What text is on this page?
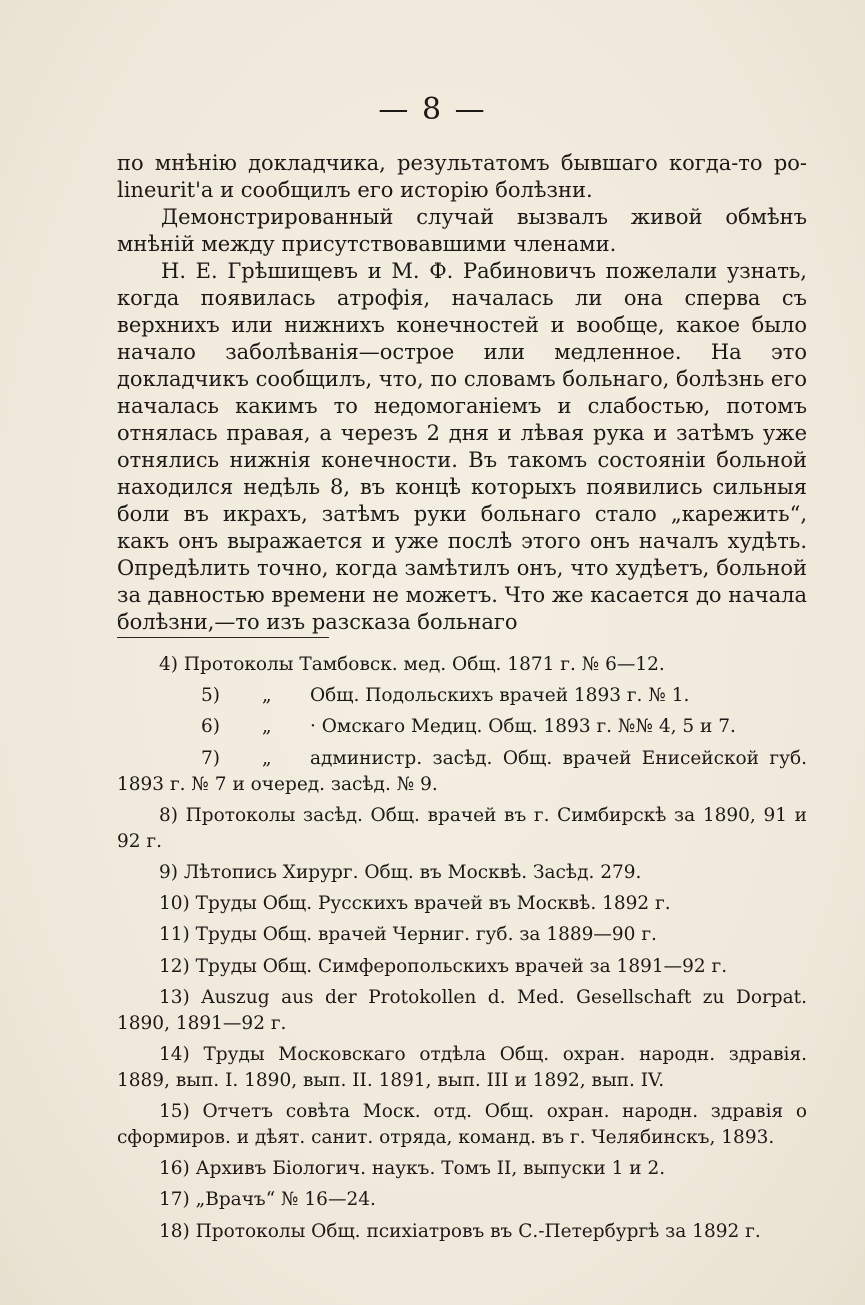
— 8 —

по мнѣнію докладчика, результатомъ бывшаго когда-то po-lineurit'а и сообщилъ его исторію болѣзни.

Демонстрированный случай вызвалъ живой обмѣнъ мнѣній между присутствовавшими членами.

Н. Е. Грѣшищевъ и М. Ф. Рабиновичъ пожелали узнать, когда появилась атрофія, началась ли она сперва съ верхнихъ или нижнихъ конечностей и вообще, какое было начало заболѣванія—острое или медленное. На это докладчикъ сообщилъ, что, по словамъ больнаго, болѣзнь его началась какимъ то недомоганіемъ и слабостью, потомъ отнялась правая, а черезъ 2 дня и лѣвая рука и затѣмъ уже отнялись нижнія конечности. Въ такомъ состояніи больной находился недѣль 8, въ концѣ которыхъ появились сильныя боли въ икрахъ, затѣмъ руки больнаго стало „карежить“, какъ онъ выражается и уже послѣ этого онъ началъ худѣть. Опредѣлить точно, когда замѣтилъ онъ, что худѣетъ, больной за давностью времени не можетъ. Что же касается до начала болѣзни,—то изъ разсказа больнаго

4) Протоколы Тамбовск. мед. Общ. 1871 г. № 6—12.

5) „ Общ. Подольскихъ врачей 1893 г. № 1.

6) „ · Омскаго Медиц. Общ. 1893 г. №№ 4, 5 и 7.

7) „ администр. засѣд. Общ. врачей Енисейской губ. 1893 г. № 7 и очеред. засѣд. № 9.

8) Протоколы засѣд. Общ. врачей въ г. Симбирскѣ за 1890, 91 и 92 г.

9) Лѣтопись Хирург. Общ. въ Москвѣ. Засѣд. 279.

10) Труды Общ. Русскихъ врачей въ Москвѣ. 1892 г.

11) Труды Общ. врачей Черниг. губ. за 1889—90 г.

12) Труды Общ. Симферопольскихъ врачей за 1891—92 г.

13) Auszug aus der Protokollen d. Med. Gesellschaft zu Dorpat. 1890, 1891—92 г.

14) Труды Московскаго отдѣла Общ. охран. народн. здравія. 1889, вып. I. 1890, вып. II. 1891, вып. III и 1892, вып. IV.

15) Отчетъ совѣта Моск. отд. Общ. охран. народн. здравія о сформиров. и дѣят. санит. отряда, команд. въ г. Челябинскъ, 1893.

16) Архивъ Біологич. наукъ. Томъ II, выпуски 1 и 2.

17) „Врачъ“ № 16—24.

18) Протоколы Общ. психіатровъ въ С.-Петербургѣ за 1892 г.
